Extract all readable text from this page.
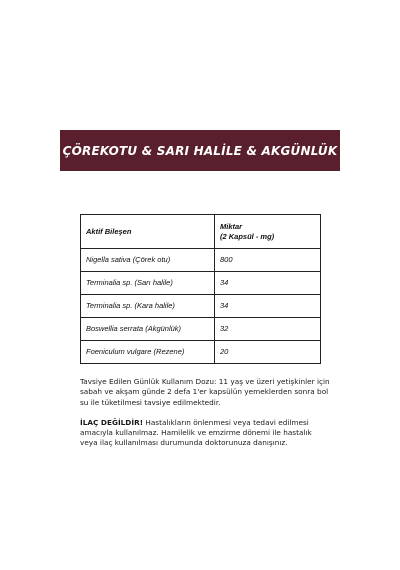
ÇÖREKOTU & SARI HALİLE & AKGÜNLÜK
Aktif Bileşen	Miktar
(2 Kapsül - mg)

Nigella sativa (Çörek otu)	800
Terminalia sp. (Sarı halile)	34
Terminalia sp. (Kara halile)	34
Boswellia serrata (Akgünlük)	32
Foeniculum vulgare (Rezene)	20

Tavsiye Edilen Günlük Kullanım Dozu: 11 yaş ve üzeri yetişkinler için sabah ve akşam günde 2 defa 1'er kapsülün yemeklerden sonra bol su ile tüketilmesi tavsiye edilmektedir.

İLAÇ DEĞİLDİR! Hastalıkların önlenmesi veya tedavi edilmesi amacıyla kullanılmaz. Hamilelik ve emzirme dönemi ile hastalık veya ilaç kullanılması durumunda doktorunuza danışınız.
